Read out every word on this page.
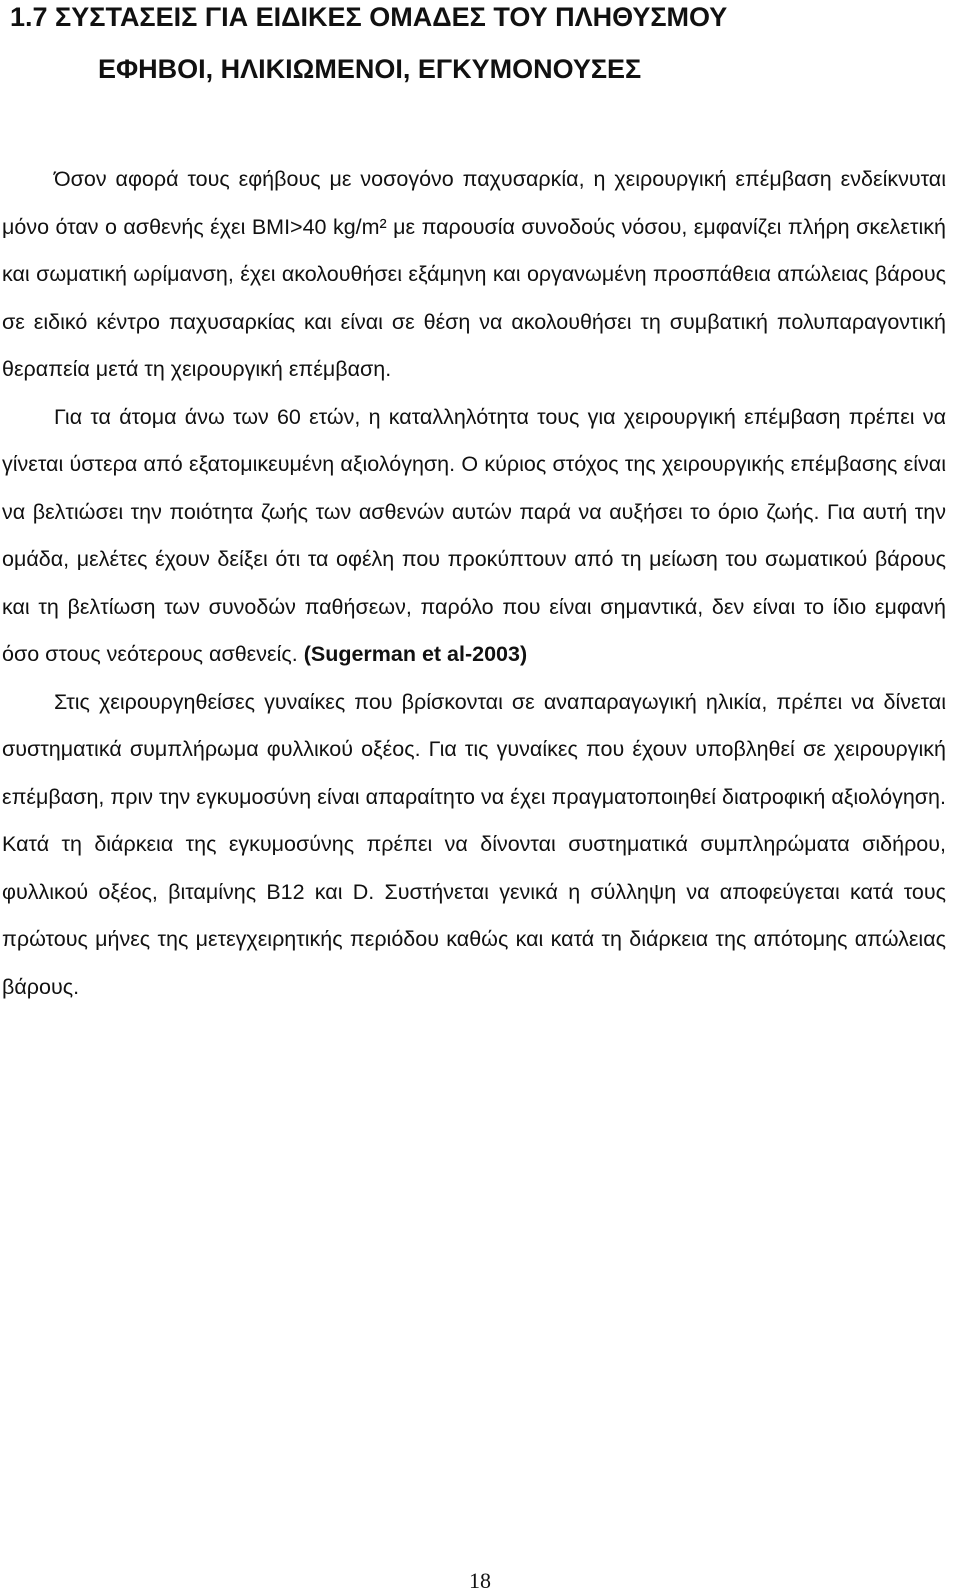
1.7 ΣΥΣΤΑΣΕΙΣ ΓΙΑ ΕΙΔΙΚΕΣ ΟΜΑΔΕΣ ΤΟΥ ΠΛΗΘΥΣΜΟΥ
ΕΦΗΒΟΙ, ΗΛΙΚΙΩΜΕΝΟΙ, ΕΓΚΥΜΟΝΟΥΣΕΣ

Όσον αφορά τους εφήβους με νοσογόνο παχυσαρκία, η χειρουργική επέμβαση ενδείκνυται μόνο όταν ο ασθενής έχει BMI>40 kg/m² με παρουσία συνοδούς νόσου, εμφανίζει πλήρη σκελετική και σωματική ωρίμανση, έχει ακολουθήσει εξάμηνη και οργανωμένη προσπάθεια απώλειας βάρους σε ειδικό κέντρο παχυσαρκίας και είναι σε θέση να ακολουθήσει τη συμβατική πολυπαραγοντική θεραπεία μετά τη χειρουργική επέμβαση.

Για τα άτομα άνω των 60 ετών, η καταλληλότητα τους για χειρουργική επέμβαση πρέπει να γίνεται ύστερα από εξατομικευμένη αξιολόγηση. Ο κύριος στόχος της χειρουργικής επέμβασης είναι να βελτιώσει την ποιότητα ζωής των ασθενών αυτών παρά να αυξήσει το όριο ζωής. Για αυτή την ομάδα, μελέτες έχουν δείξει ότι τα οφέλη που προκύπτουν από τη μείωση του σωματικού βάρους και τη βελτίωση των συνοδών παθήσεων, παρόλο που είναι σημαντικά, δεν είναι το ίδιο εμφανή όσο στους νεότερους ασθενείς. (Sugerman et al-2003)

Στις χειρουργηθείσες γυναίκες που βρίσκονται σε αναπαραγωγική ηλικία, πρέπει να δίνεται συστηματικά συμπλήρωμα φυλλικού οξέος. Για τις γυναίκες που έχουν υποβληθεί σε χειρουργική επέμβαση, πριν την εγκυμοσύνη είναι απαραίτητο να έχει πραγματοποιηθεί διατροφική αξιολόγηση. Κατά τη διάρκεια της εγκυμοσύνης πρέπει να δίνονται συστηματικά συμπληρώματα σιδήρου, φυλλικού οξέος, βιταμίνης B12 και D. Συστήνεται γενικά η σύλληψη να αποφεύγεται κατά τους πρώτους μήνες της μετεγχειρητικής περιόδου καθώς και κατά τη διάρκεια της απότομης απώλειας βάρους.

18
